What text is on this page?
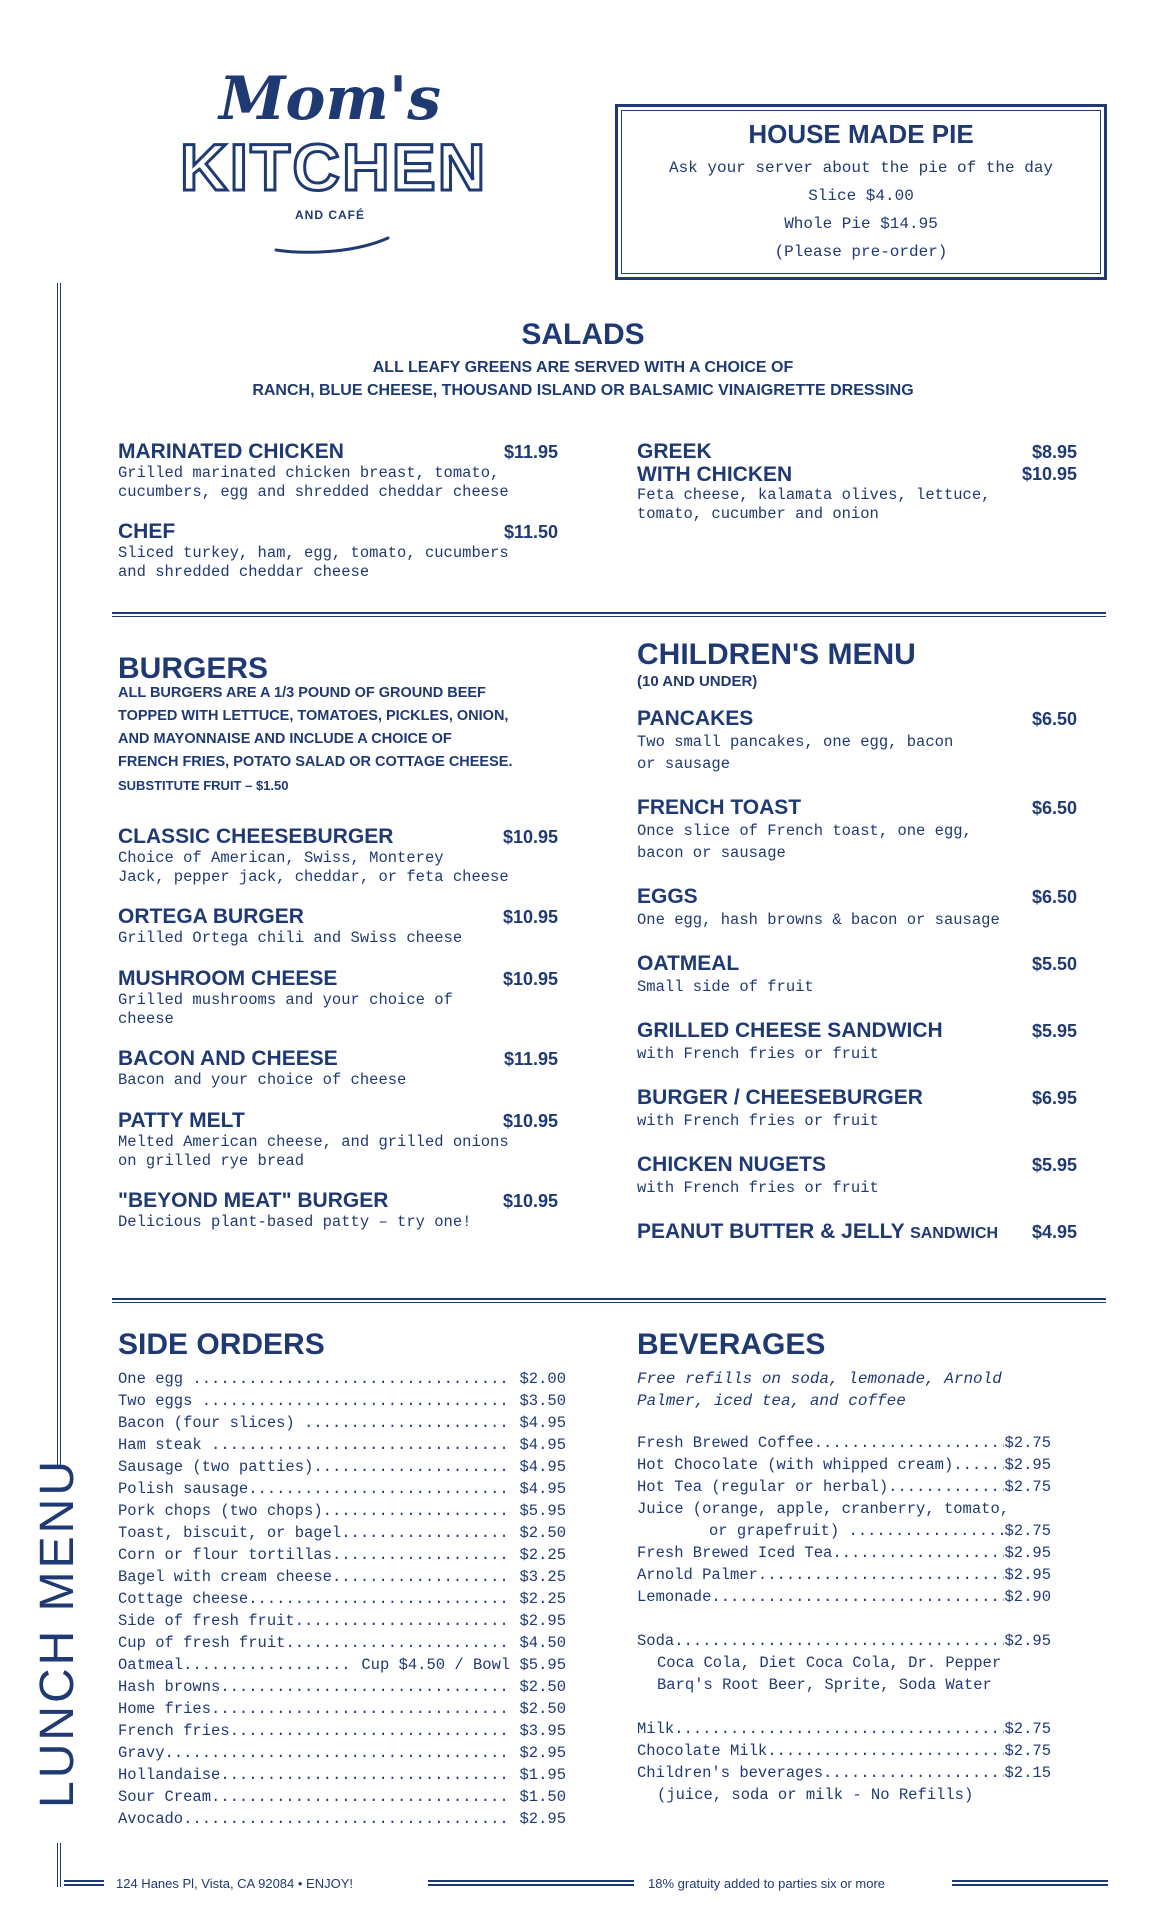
Mom's
KITCHEN
AND CAFÉ
HOUSE MADE PIE
Ask your server about the pie of the day
Slice $4.00
Whole Pie $14.95
(Please pre-order)
LUNCH MENU
SALADS
ALL LEAFY GREENS ARE SERVED WITH A CHOICE OF
RANCH, BLUE CHEESE, THOUSAND ISLAND OR BALSAMIC VINAIGRETTE DRESSING
MARINATED CHICKEN	$11.95
Grilled marinated chicken breast, tomato,
cucumbers, egg and shredded cheddar cheese
CHEF	$11.50
Sliced turkey, ham, egg, tomato, cucumbers
and shredded cheddar cheese
GREEK	$8.95
WITH CHICKEN	$10.95
Feta cheese, kalamata olives, lettuce,
tomato, cucumber and onion
BURGERS
ALL BURGERS ARE A 1/3 POUND OF GROUND BEEF
TOPPED WITH LETTUCE, TOMATOES, PICKLES, ONION,
AND MAYONNAISE AND INCLUDE A CHOICE OF
FRENCH FRIES, POTATO SALAD OR COTTAGE CHEESE.
SUBSTITUTE FRUIT – $1.50
CLASSIC CHEESEBURGER	$10.95
Choice of American, Swiss, Monterey
Jack, pepper jack, cheddar, or feta cheese
ORTEGA BURGER	$10.95
Grilled Ortega chili and Swiss cheese
MUSHROOM CHEESE	$10.95
Grilled mushrooms and your choice of
cheese
BACON AND CHEESE	$11.95
Bacon and your choice of cheese
PATTY MELT	$10.95
Melted American cheese, and grilled onions
on grilled rye bread
"BEYOND MEAT" BURGER	$10.95
Delicious plant-based patty – try one!
CHILDREN'S MENU
(10 AND UNDER)
PANCAKES	$6.50
Two small pancakes, one egg, bacon
or sausage
FRENCH TOAST	$6.50
Once slice of French toast, one egg,
bacon or sausage
EGGS	$6.50
One egg, hash browns & bacon or sausage
OATMEAL	$5.50
Small side of fruit
GRILLED CHEESE SANDWICH	$5.95
with French fries or fruit
BURGER / CHEESEBURGER	$6.95
with French fries or fruit
CHICKEN NUGETS	$5.95
with French fries or fruit
PEANUT BUTTER & JELLY SANDWICH	$4.95
SIDE ORDERS
One egg .....	$2.00
Two eggs .....	$3.50
Bacon (four slices) .....	$4.95
Ham steak .....	$4.95
Sausage (two patties) .....	$4.95
Polish sausage .....	$4.95
Pork chops (two chops) .....	$5.95
Toast, biscuit, or bagel .....	$2.50
Corn or flour tortillas .....	$2.25
Bagel with cream cheese .....	$3.25
Cottage cheese .....	$2.25
Side of fresh fruit .....	$2.95
Cup of fresh fruit .....	$4.50
Oatmeal .....	Cup $4.50 / Bowl $5.95
Hash browns .....	$2.50
Home fries .....	$2.50
French fries .....	$3.95
Gravy .....	$2.95
Hollandaise .....	$1.95
Sour Cream .....	$1.50
Avocado .....	$2.95
BEVERAGES
Free refills on soda, lemonade, Arnold
Palmer, iced tea, and coffee
Fresh Brewed Coffee .....	$2.75
Hot Chocolate (with whipped cream) .....	$2.95
Hot Tea (regular or herbal) .....	$2.75
Juice (orange, apple, cranberry, tomato,
or grapefruit) .....	$2.75
Fresh Brewed Iced Tea .....	$2.95
Arnold Palmer .....	$2.95
Lemonade .....	$2.90
Soda .....	$2.95
Coca Cola, Diet Coca Cola, Dr. Pepper
Barq's Root Beer, Sprite, Soda Water
Milk .....	$2.75
Chocolate Milk .....	$2.75
Children's beverages .....	$2.15
(juice, soda or milk - No Refills)
124 Hanes Pl, Vista, CA 92084 • ENJOY!	18% gratuity added to parties six or more
